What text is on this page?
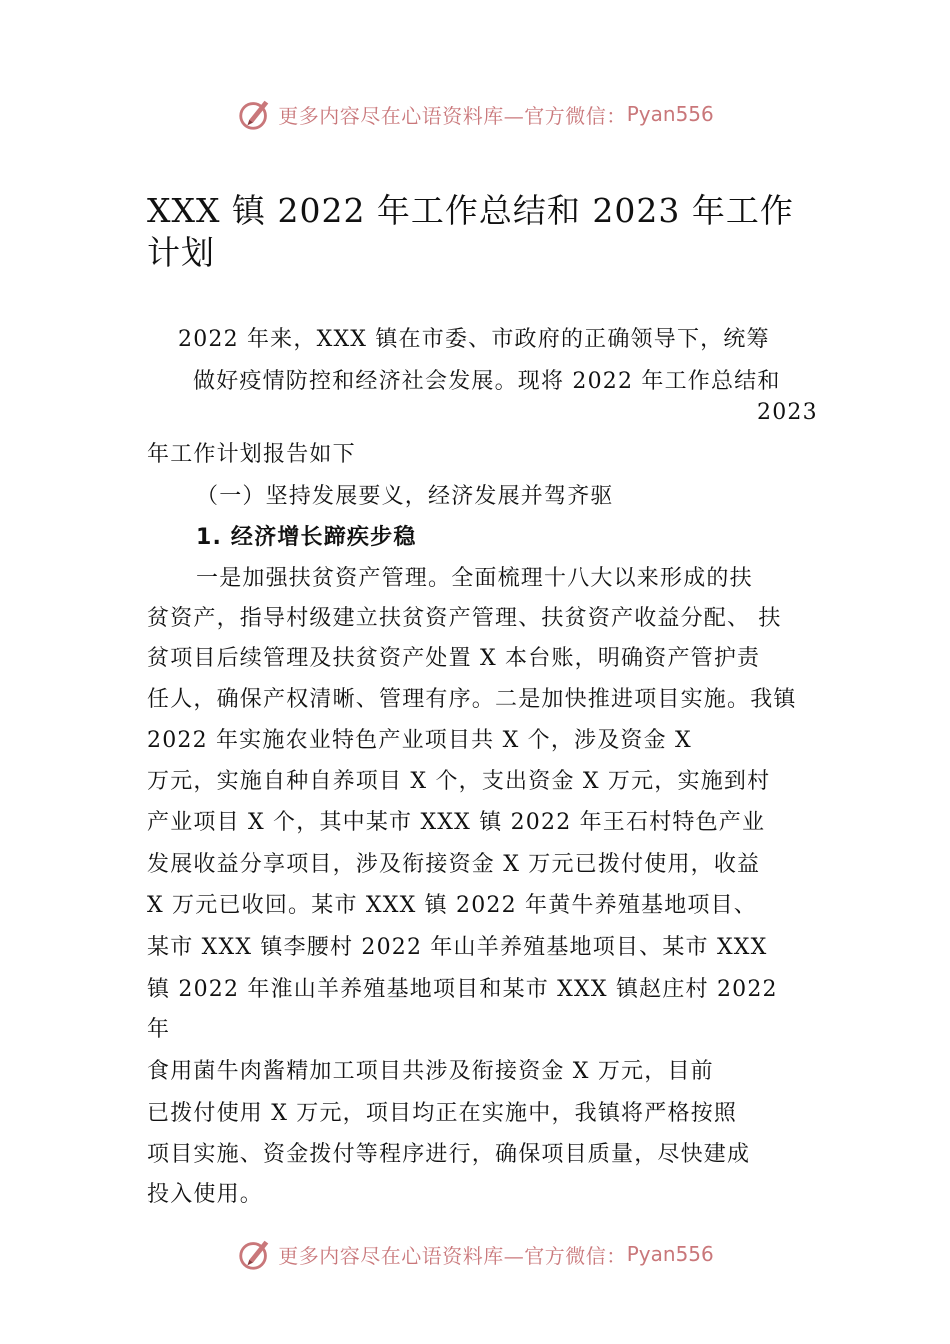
更多内容尽在心语资料库—官方微信： Pyan556
XXX 镇 2022 年工作总结和 2023 年工作计划
2022 年来，XXX 镇在市委、市政府的正确领导下，统筹
做好疫情防控和经济社会发展。现将 2022 年工作总结和
2023
年工作计划报告如下
（一）坚持发展要义，经济发展并驾齐驱
1. 经济增长蹄疾步稳
一是加强扶贫资产管理。全面梳理十八大以来形成的扶
贫资产，指导村级建立扶贫资产管理、扶贫资产收益分配、 扶
贫项目后续管理及扶贫资产处置 X 本台账，明确资产管护责
任人，确保产权清晰、管理有序。二是加快推进项目实施。我镇
2022 年实施农业特色产业项目共 X 个，涉及资金 X
万元，实施自种自养项目 X 个，支出资金 X 万元，实施到村
产业项目 X 个，其中某市 XXX 镇 2022 年王石村特色产业
发展收益分享项目，涉及衔接资金 X 万元已拨付使用，收益
X 万元已收回。某市 XXX 镇 2022 年黄牛养殖基地项目、
某市 XXX 镇李腰村 2022 年山羊养殖基地项目、某市 XXX
镇 2022 年淮山羊养殖基地项目和某市 XXX 镇赵庄村 2022
年
食用菌牛肉酱精加工项目共涉及衔接资金 X 万元，目前
已拨付使用 X 万元，项目均正在实施中，我镇将严格按照
项目实施、资金拨付等程序进行，确保项目质量，尽快建成
投入使用。
更多内容尽在心语资料库—官方微信： Pyan556
